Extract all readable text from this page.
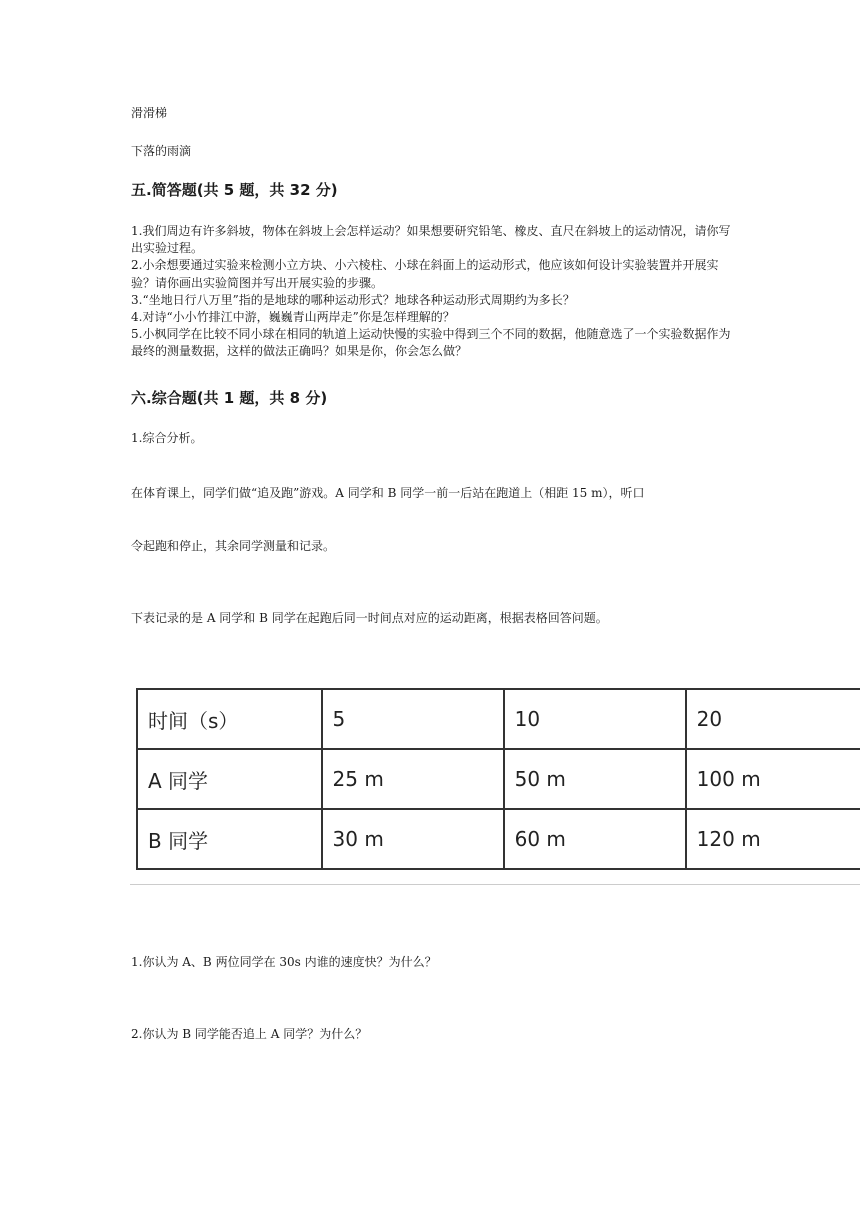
滑滑梯
下落的雨滴
五.简答题(共 5 题，共 32 分)

1.我们周边有许多斜坡，物体在斜坡上会怎样运动？如果想要研究铅笔、橡皮、直尺在斜坡上的运动情况，请你写出实验过程。

2.小余想要通过实验来检测小立方块、小六棱柱、小球在斜面上的运动形式，他应该如何设计实验装置并开展实验？请你画出实验简图并写出开展实验的步骤。

3.“坐地日行八万里”指的是地球的哪种运动形式？地球各种运动形式周期约为多长？

4.对诗“小小竹排江中游，巍巍青山两岸走”你是怎样理解的？

5.小枫同学在比较不同小球在相同的轨道上运动快慢的实验中得到三个不同的数据，他随意选了一个实验数据作为最终的测量数据，这样的做法正确吗？如果是你，你会怎么做？

六.综合题(共 1 题，共 8 分)
1.综合分析。
在体育课上，同学们做“追及跑”游戏。A 同学和 B 同学一前一后站在跑道上（相距 15 m），听口
令起跑和停止，其余同学测量和记录。
下表记录的是 A 同学和 B 同学在起跑后同一时间点对应的运动距离，根据表格回答问题。
时间（s）	5	10	20
A 同学	25 m	50 m	100 m
B 同学	30 m	60 m	120 m
1.你认为 A、B 两位同学在 30s 内谁的速度快？为什么？
2.你认为 B 同学能否追上 A 同学？为什么？
